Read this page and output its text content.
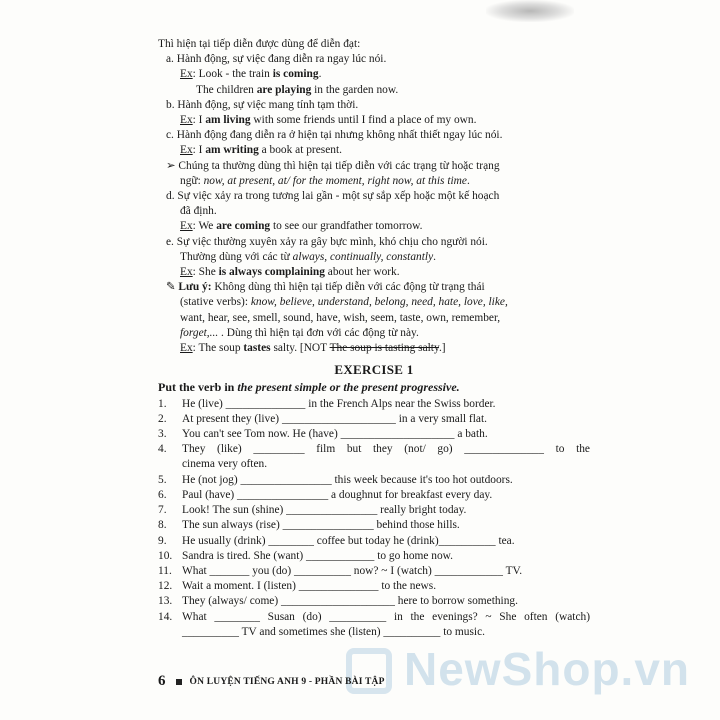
Thì hiện tại tiếp diễn được dùng để diễn đạt:

a. Hành động, sự việc đang diễn ra ngay lúc nói.

Ex: Look - the train is coming.

The children are playing in the garden now.

b. Hành động, sự việc mang tính tạm thời.

Ex: I am living with some friends until I find a place of my own.

c. Hành động đang diễn ra ở hiện tại nhưng không nhất thiết ngay lúc nói.

Ex: I am writing a book at present.

➢ Chúng ta thường dùng thì hiện tại tiếp diễn với các trạng từ hoặc trạng

ngữ: now, at present, at/ for the moment, right now, at this time.

d. Sự việc xảy ra trong tương lai gần - một sự sắp xếp hoặc một kế hoạch

đã định.

Ex: We are coming to see our grandfather tomorrow.

e. Sự việc thường xuyên xảy ra gây bực mình, khó chịu cho người nói.

Thường dùng với các từ always, continually, constantly.

Ex: She is always complaining about her work.

✎ Lưu ý: Không dùng thì hiện tại tiếp diễn với các động từ trạng thái

(stative verbs): know, believe, understand, belong, need, hate, love, like,

want, hear, see, smell, sound, have, wish, seem, taste, own, remember,

forget,... . Dùng thì hiện tại đơn với các động từ này.

Ex: The soup tastes salty. [NOT The soup is tasting salty.]

EXERCISE 1
Put the verb in the present simple or the present progressive.
1.	He (live) ______________ in the French Alps near the Swiss border.
2.	At present they (live) ____________________ in a very small flat.
3.	You can't see Tom now. He (have) ____________________ a bath.
4.	They (like) _________ film but they (not/ go) ______________ to the
cinema very often.
5.	He (not jog) ________________ this week because it's too hot outdoors.
6.	Paul (have) ________________ a doughnut for breakfast every day.
7.	Look! The sun (shine) ________________ really bright today.
8.	The sun always (rise) ________________ behind those hills.
9.	He usually (drink) ________ coffee but today he (drink)__________ tea.
10. Sandra is tired. She (want) ____________ to go home now.
11. What _______ you (do) __________ now? ~ I (watch) ____________ TV.
12. Wait a moment. I (listen) ______________ to the news.
13. They (always/ come) ____________________ here to borrow something.
14. What ________ Susan (do) __________ in the evenings? ~ She often (watch)
__________ TV and sometimes she (listen) __________ to music.
NewShop.vn
6	ÔN LUYỆN TIẾNG ANH 9 - PHẦN BÀI TẬP
